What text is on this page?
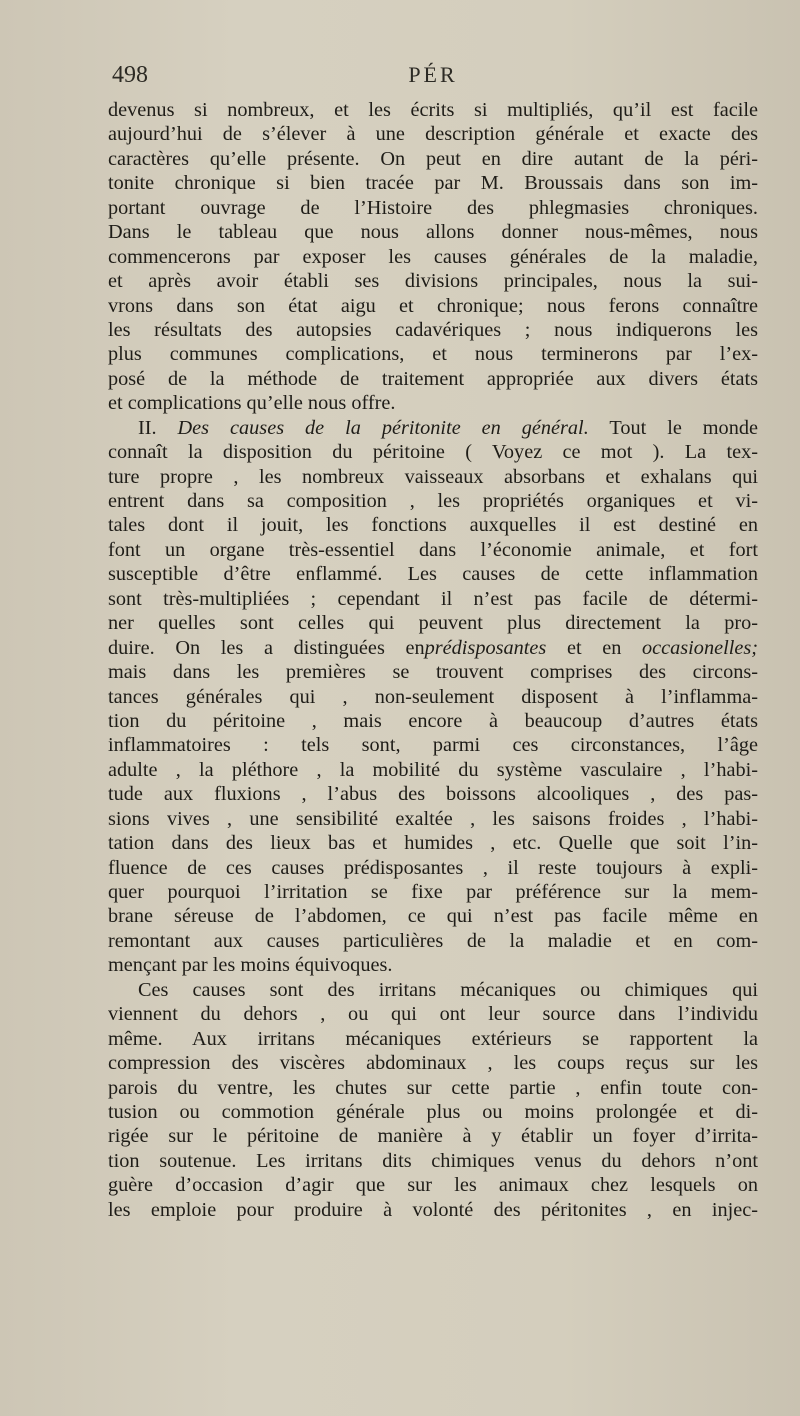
498	PÉR
devenus si nombreux, et les écrits si multipliés, qu’il est facile
aujourd’hui de s’élever à une description générale et exacte des
caractères qu’elle présente. On peut en dire autant de la péri-
tonite chronique si bien tracée par M. Broussais dans son im-
portant ouvrage de l’Histoire des phlegmasies chroniques.
Dans le tableau que nous allons donner nous-mêmes, nous
commencerons par exposer les causes générales de la maladie,
et après avoir établi ses divisions principales, nous la sui-
vrons dans son état aigu et chronique; nous ferons connaître
les résultats des autopsies cadavériques ; nous indiquerons les
plus communes complications, et nous terminerons par l’ex-
posé de la méthode de traitement appropriée aux divers états
et complications qu’elle nous offre.
II. Des causes de la péritonite en général. Tout le monde
connaît la disposition du péritoine ( Voyez ce mot ). La tex-
ture propre , les nombreux vaisseaux absorbans et exhalans qui
entrent dans sa composition , les propriétés organiques et vi-
tales dont il jouit, les fonctions auxquelles il est destiné en
font un organe très-essentiel dans l’économie animale, et fort
susceptible d’être enflammé. Les causes de cette inflammation
sont très-multipliées ; cependant il n’est pas facile de détermi-
ner quelles sont celles qui peuvent plus directement la pro-
duire. On les a distinguées enprédisposantes et en occasionelles;
mais dans les premières se trouvent comprises des circons-
tances générales qui , non-seulement disposent à l’inflamma-
tion du péritoine , mais encore à beaucoup d’autres états
inflammatoires : tels sont, parmi ces circonstances, l’âge
adulte , la pléthore , la mobilité du système vasculaire , l’habi-
tude aux fluxions , l’abus des boissons alcooliques , des pas-
sions vives , une sensibilité exaltée , les saisons froides , l’habi-
tation dans des lieux bas et humides , etc. Quelle que soit l’in-
fluence de ces causes prédisposantes , il reste toujours à expli-
quer pourquoi l’irritation se fixe par préférence sur la mem-
brane séreuse de l’abdomen, ce qui n’est pas facile même en
remontant aux causes particulières de la maladie et en com-
mençant par les moins équivoques.
Ces causes sont des irritans mécaniques ou chimiques qui
viennent du dehors , ou qui ont leur source dans l’individu
même. Aux irritans mécaniques extérieurs se rapportent la
compression des viscères abdominaux , les coups reçus sur les
parois du ventre, les chutes sur cette partie , enfin toute con-
tusion ou commotion générale plus ou moins prolongée et di-
rigée sur le péritoine de manière à y établir un foyer d’irrita-
tion soutenue. Les irritans dits chimiques venus du dehors n’ont
guère d’occasion d’agir que sur les animaux chez lesquels on
les emploie pour produire à volonté des péritonites , en injec-
